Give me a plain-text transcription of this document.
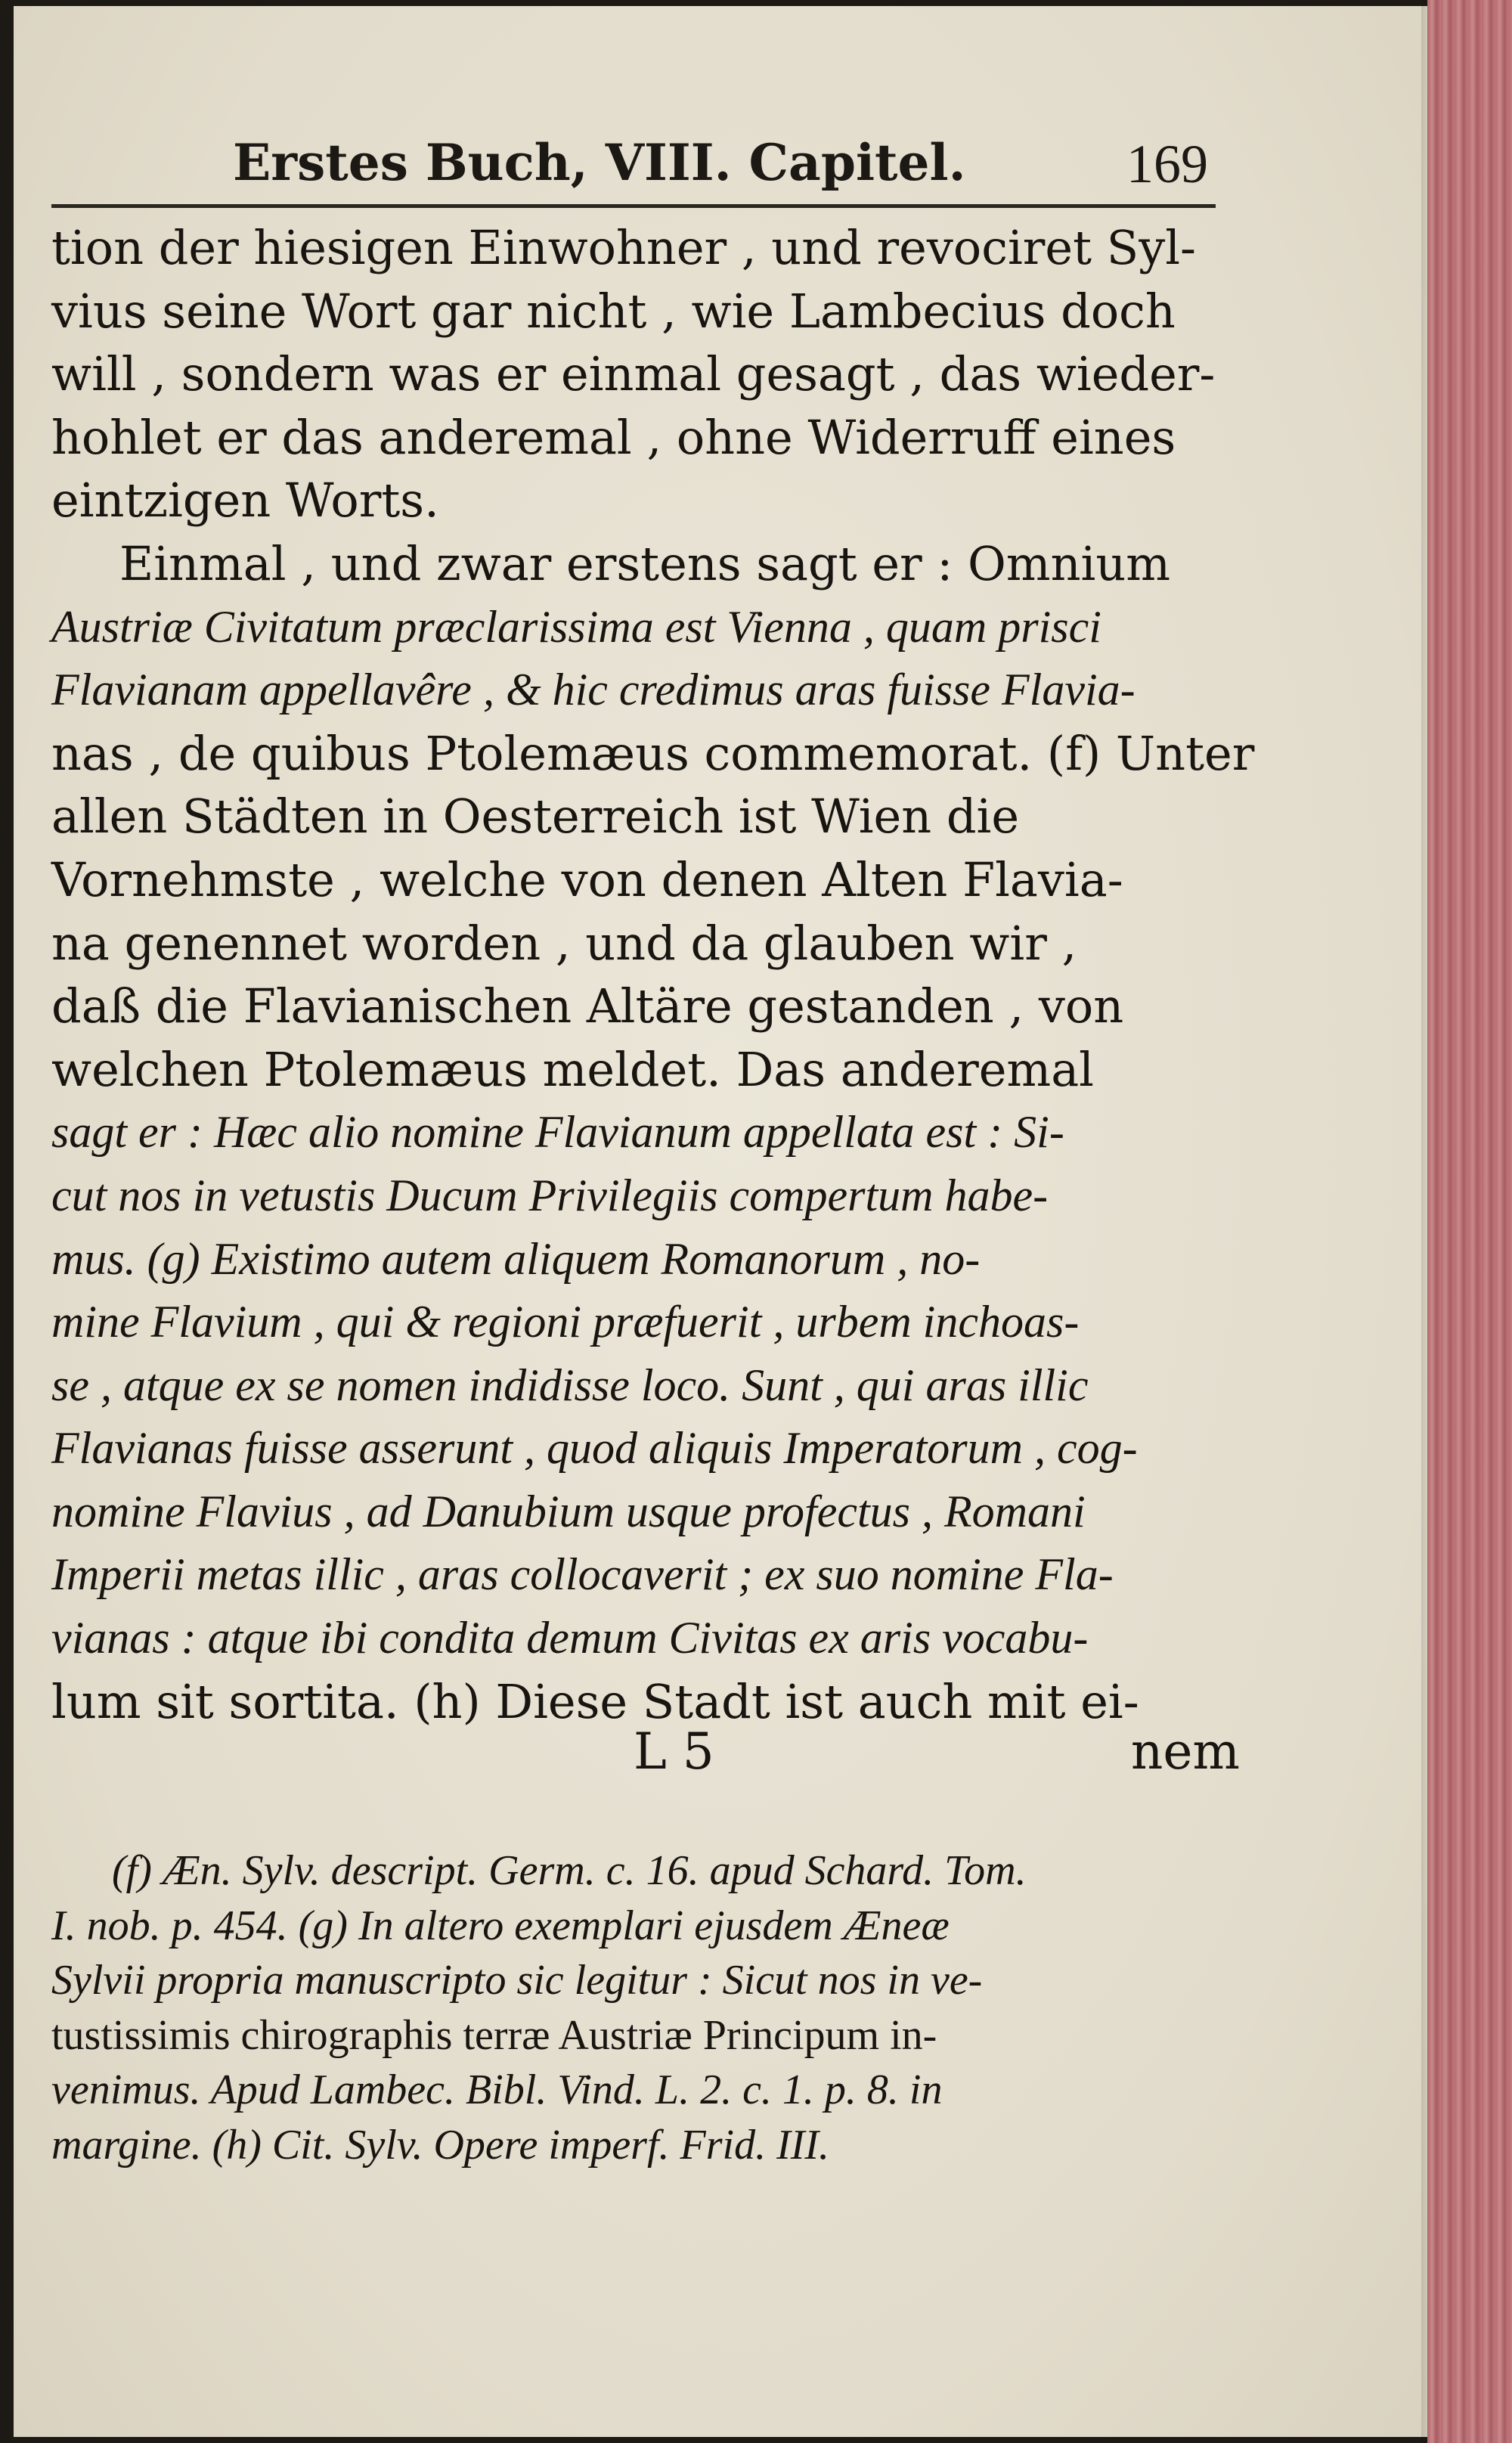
Erstes Buch, VIII. Capitel.	169
tion der hiesigen Einwohner , und revociret Syl-
vius seine Wort gar nicht , wie Lambecius doch
will , sondern was er einmal gesagt , das wieder-
hohlet er das anderemal , ohne Widerruff eines
eintzigen Worts.
Einmal , und zwar erstens sagt er : Omnium
Austriæ Civitatum præclarissima est Vienna , quam prisci
Flavianam appellavêre , & hic credimus aras fuisse Flavia-
nas , de quibus Ptolemæus commemorat. (f) Unter
allen Städten in Oesterreich ist Wien die
Vornehmste , welche von denen Alten Flavia-
na genennet worden , und da glauben wir ,
daß die Flavianischen Altäre gestanden , von
welchen Ptolemæus meldet. Das anderemal
sagt er : Hæc alio nomine Flavianum appellata est : Si-
cut nos in vetustis Ducum Privilegiis compertum habe-
mus. (g) Existimo autem aliquem Romanorum , no-
mine Flavium , qui & regioni præfuerit , urbem inchoas-
se , atque ex se nomen indidisse loco. Sunt , qui aras illic
Flavianas fuisse asserunt , quod aliquis Imperatorum , cog-
nomine Flavius , ad Danubium usque profectus , Romani
Imperii metas illic , aras collocaverit ; ex suo nomine Fla-
vianas : atque ibi condita demum Civitas ex aris vocabu-
lum sit sortita. (h) Diese Stadt ist auch mit ei-
L 5	nem
(f) Æn. Sylv. descript. Germ. c. 16. apud Schard. Tom.
I. nob. p. 454. (g) In altero exemplari ejusdem Æneæ
Sylvii propria manuscripto sic legitur : Sicut nos in ve-
tustissimis chirographis terræ Austriæ Principum in-
venimus. Apud Lambec. Bibl. Vind. L. 2. c. 1. p. 8. in
margine. (h) Cit. Sylv. Opere imperf. Frid. III.
